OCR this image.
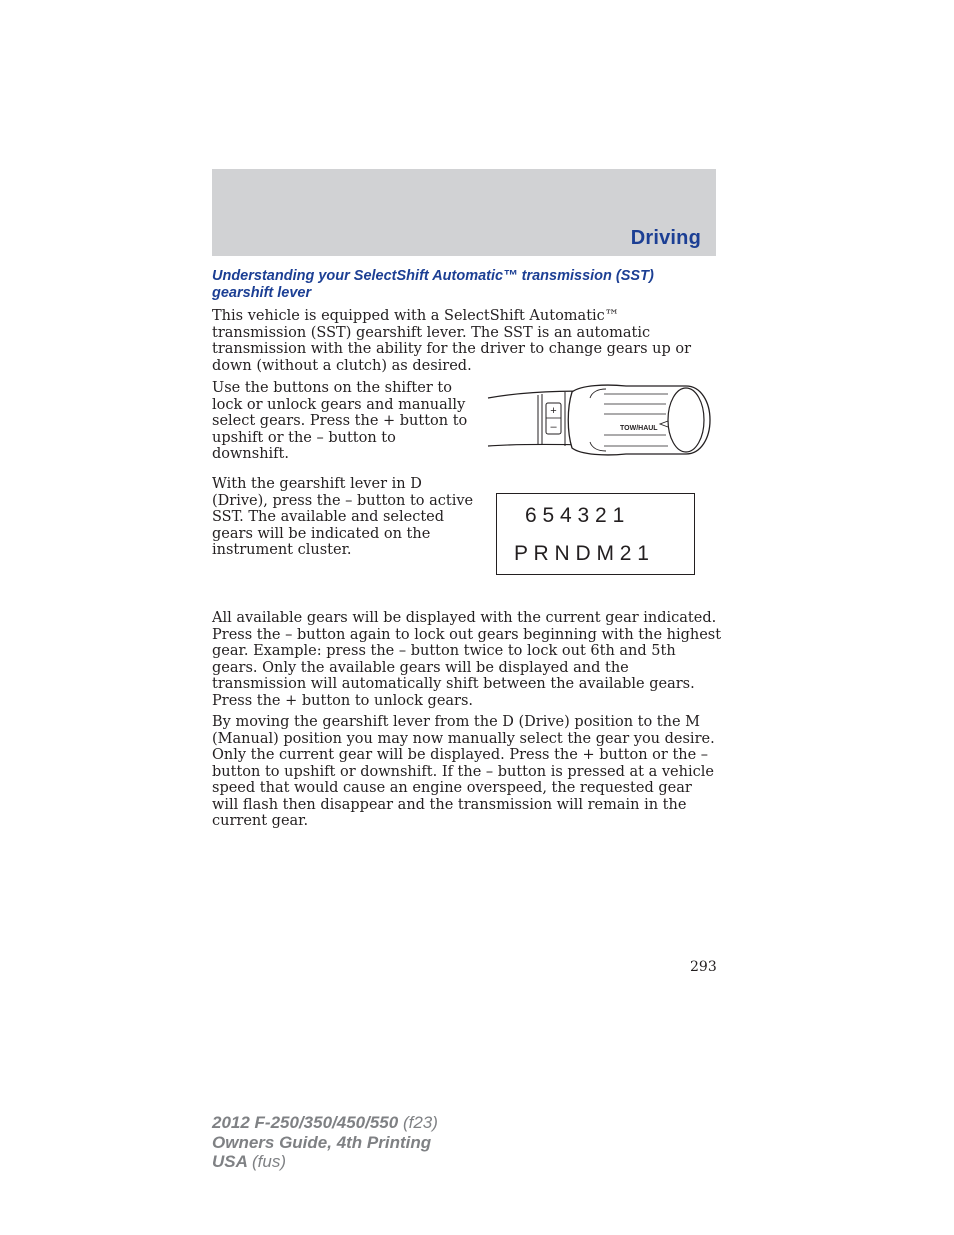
Driving
Understanding your SelectShift Automatic™ transmission (SST) gearshift lever

This vehicle is equipped with a SelectShift Automatic™ transmission (SST) gearshift lever. The SST is an automatic transmission with the ability for the driver to change gears up or down (without a clutch) as desired.

Use the buttons on the shifter to lock or unlock gears and manually select gears. Press the + button to upshift or the – button to downshift.

+
–	TOW/HAUL

With the gearshift lever in D (Drive), press the – button to active SST. The available and selected gears will be indicated on the instrument cluster.

6 5 4 3 2 1
P R N D M 2 1

All available gears will be displayed with the current gear indicated. Press the – button again to lock out gears beginning with the highest gear. Example: press the – button twice to lock out 6th and 5th gears. Only the available gears will be displayed and the transmission will automatically shift between the available gears. Press the + button to unlock gears.

By moving the gearshift lever from the D (Drive) position to the M (Manual) position you may now manually select the gear you desire. Only the current gear will be displayed. Press the + button or the – button to upshift or downshift. If the – button is pressed at a vehicle speed that would cause an engine overspeed, the requested gear will flash then disappear and the transmission will remain in the current gear.

293
2012 F-250/350/450/550 (f23)
Owners Guide, 4th Printing
USA (fus)
